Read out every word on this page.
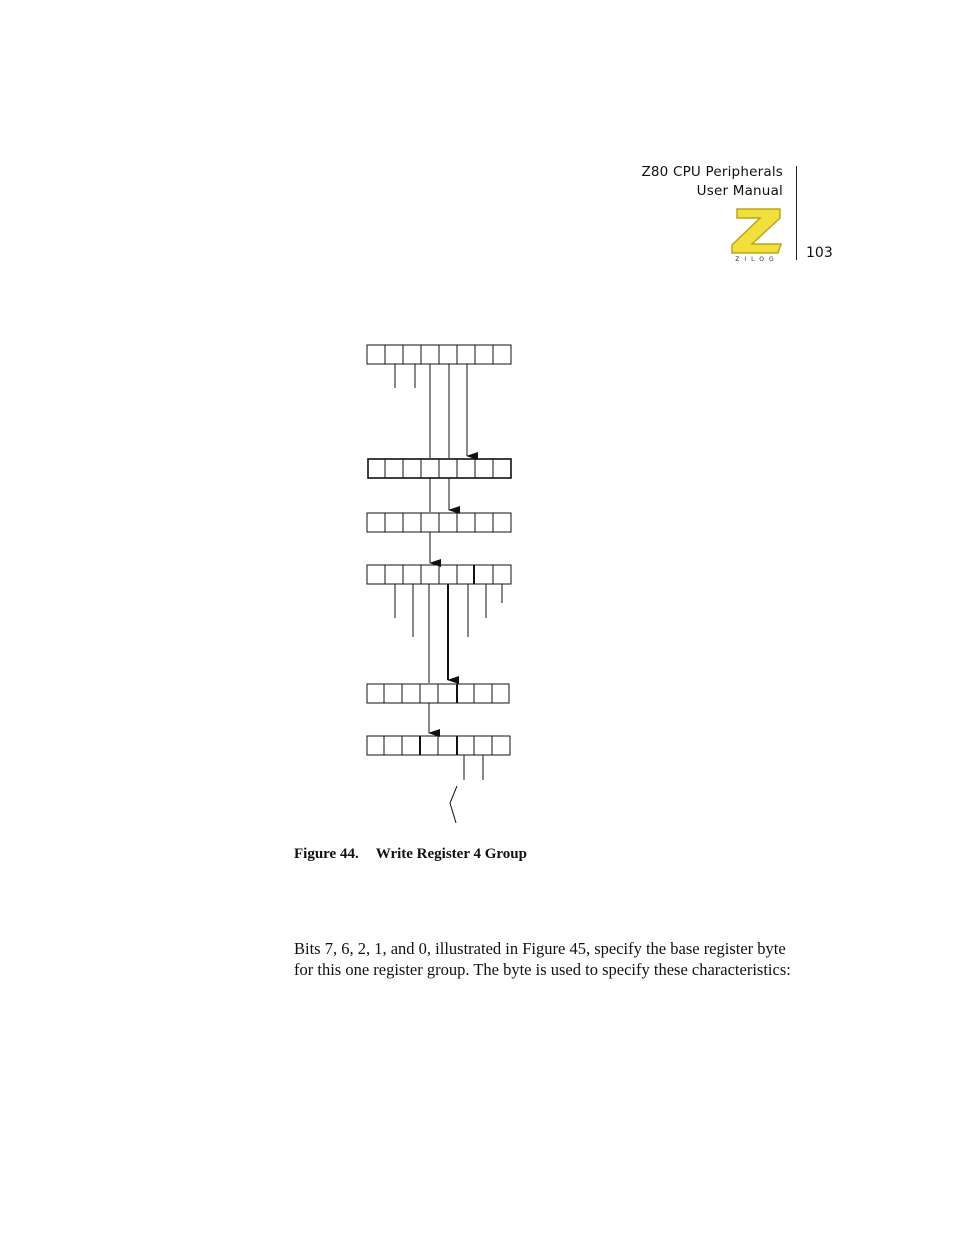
Z80 CPU Peripherals
User Manual
ZILOG 103
Figure 44. Write Register 4 Group
Bits 7, 6, 2, 1, and 0, illustrated in Figure 45, specify the base register byte
for this one register group. The byte is used to specify these characteristics:
